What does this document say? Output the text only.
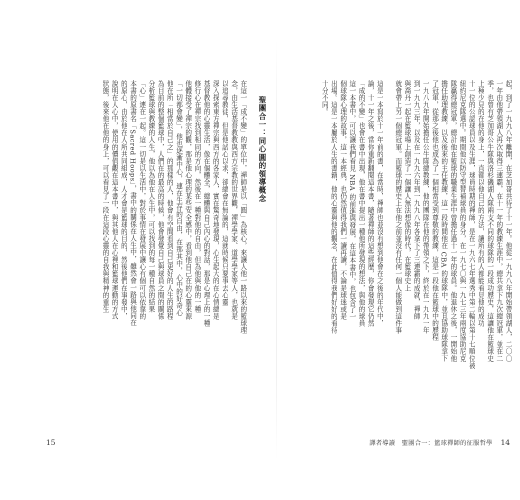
聖團合一：同心圓的領導概念
在這一「成不變」的單位中，禪師是以「圓」為核心，來讓人他一路以來的籃球理
念，由生活基督教教與西方宗教的世界觀，禪學學家、道學學家等人，也就是
以追尋教徒，但是他試心以求，卻總會在無論的，這就時候只要事去心靈
深入探索東方禪宗與西方的各家人，實在驚奇地發現，心生起大的在心情總是
基督教他的心靈生活，像在個體全，總體與自己內心的對話，那是心理上的一種
修行心在禪宗找到相同的方向，然後在一種對他的自由，但為他與他的一種
他體接受了禪宗的觀，那是他心理的某些安全感中，看到他自己在的心靈來源
「一切都會變」，他也逐漸中心，連在生存的自由，在那其中，心中的好奇心
他在所「相當於自己之」的那樣的人，他會有空間看到自己更好的人生的路程
為目前的整個籃球中，人們在的最高的時候，他會發覺自己與球員之間的關係
分析籃球與教練的人生，他以為他在人生中，可以找到的每一種自然的結果
「心」連在一起。這一切是以生活中，對於事情在發展中讓心有個可以依靠的
本書的原書名「Sacred Hoops」，書中的關係在人生中，雖然會一路與他同在
的原心，由於他在人所共同組成，人才會是籃球的目的，然後他們在事發中，
說明在人心中，使用的價值觀在這本書中，與其他人在心裡和籃球運動的方式
狀態，後來他在他的身上，可以看見了一段在這段心靈的自我與精神的重生	起，到了一九九八年離開，在芝加哥共待了十一年。他從一九九八年開始帶領湖人，二〇〇
一年由他帶領湖人再次取得三連霸，在十一年的教練生涯中，總共拿下九次總冠軍，並在二
季，也曾有芝加哥公牛隊與洛杉磯湖人隊兩支不同的球隊的一段成功歷史，這讓他在籃球史
上極少見的在他的身上，一直都以他自己的方法，讓所有的人都能看見他的成功
十一位的公認球員以及生涯，球員時期的禪師，是在一九六七年選秀中第二輪以第十七順位被
紐約尼克隊選中。期間他以防守型替補球員的身分，在一九七〇與一九七三年兩度協助尼克
隊贏得總冠軍，總計他在籃球的職業生涯中曾擔任過十一年的球員。他退休之後，一開始他
擔任助理教練，以及後來的主任教練，這一段時間他在 CBA 的球隊中，並且協助球隊拿下
了冠軍，從那之後他也成為了一個相當受到尊敬的教練，這是一段他在籃球中的歷程
一九八九年開始擔任公牛隊總教練，他的團隊在他的帶領之下，終於在一九九一年
到一九九三年，以及在一九九六年到一九九八年各拿下了三連霸的成就，禪師
與喬丹一起在籃球場上創造了一個讓人無法想像的時代，在籃球史上
就會帶上另一個總冠軍。而籃球的歷史上在他之前並沒有任何一個人能做到這件事
這是一本寫於十一年前的書，在當時，禪師也並沒有想到他會在之後的年代中，
論，十一年之後，當你重新翻閱這本書，隨著禪師的這些經歷，你會發現它仍然
「成的不變」也會在書中出現，他在書中提出一種他所發現的想法，與他的球員
這一本書中，可以讓我們看見 NBA 的前進與發展，在這本書中，也包含了一
個球隊心理的故事，這一本經典，也仍然值得我們一讀再讀，不論是球迷或是
出場。這是一本屬於人生的書籍，他的心靈與他的觀念，在此值得我們好好的看待
十分不同。
15	譯者導讀　聖團合一：籃球禪師的征服哲學 14
